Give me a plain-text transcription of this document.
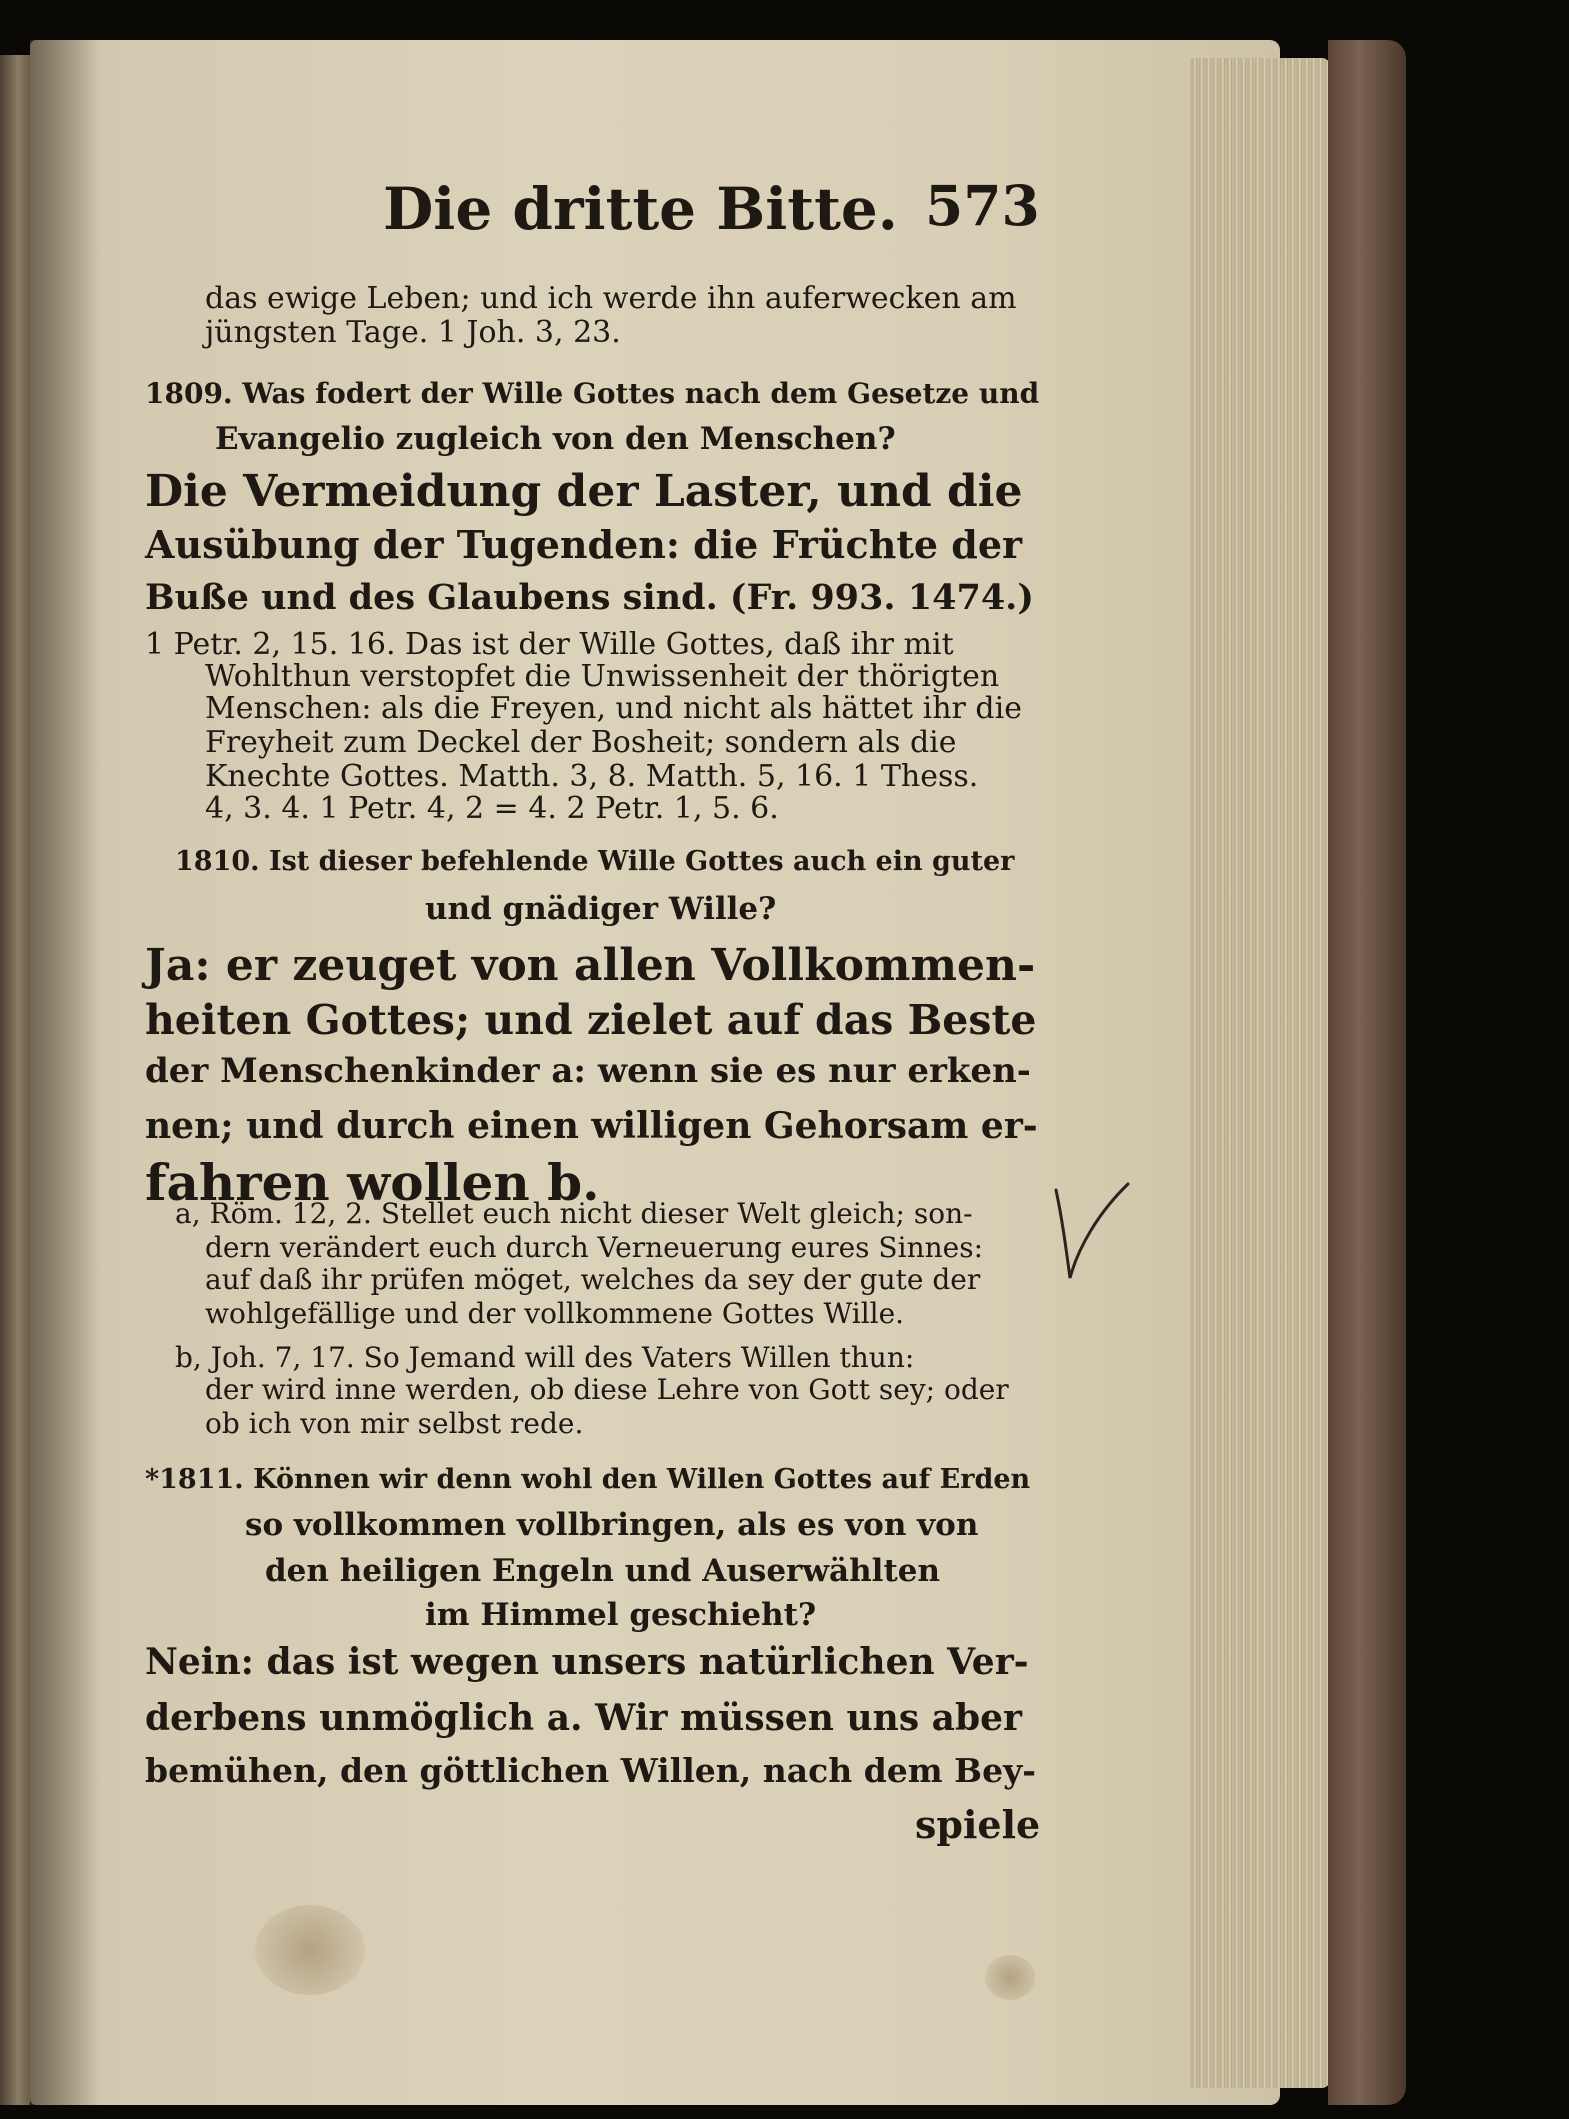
Die dritte Bitte. 573
das ewige Leben; und ich werde ihn auferwecken am
jüngsten Tage. 1 Joh. 3, 23.
1809. Was fodert der Wille Gottes nach dem Gesetze und
Evangelio zugleich von den Menschen?
Die Vermeidung der Laster, und die
Ausübung der Tugenden: die Früchte der
Buße und des Glaubens sind. (Fr. 993. 1474.)
1 Petr. 2, 15. 16. Das ist der Wille Gottes, daß ihr mit
Wohlthun verstopfet die Unwissenheit der thörigten
Menschen: als die Freyen, und nicht als hättet ihr die
Freyheit zum Deckel der Bosheit; sondern als die
Knechte Gottes. Matth. 3, 8. Matth. 5, 16. 1 Thess.
4, 3. 4. 1 Petr. 4, 2 = 4. 2 Petr. 1, 5. 6.
1810. Ist dieser befehlende Wille Gottes auch ein guter
und gnädiger Wille?
Ja: er zeuget von allen Vollkommen-
heiten Gottes; und zielet auf das Beste
der Menschenkinder a: wenn sie es nur erken-
nen; und durch einen willigen Gehorsam er-
fahren wollen b.
a, Röm. 12, 2. Stellet euch nicht dieser Welt gleich; son-
dern verändert euch durch Verneuerung eures Sinnes:
auf daß ihr prüfen möget, welches da sey der gute der
wohlgefällige und der vollkommene Gottes Wille.
b, Joh. 7, 17. So Jemand will des Vaters Willen thun:
der wird inne werden, ob diese Lehre von Gott sey; oder
ob ich von mir selbst rede.
*1811. Können wir denn wohl den Willen Gottes auf Erden
so vollkommen vollbringen, als es von von
den heiligen Engeln und Auserwählten
im Himmel geschieht?
Nein: das ist wegen unsers natürlichen Ver-
derbens unmöglich a. Wir müssen uns aber
bemühen, den göttlichen Willen, nach dem Bey-
spiele
